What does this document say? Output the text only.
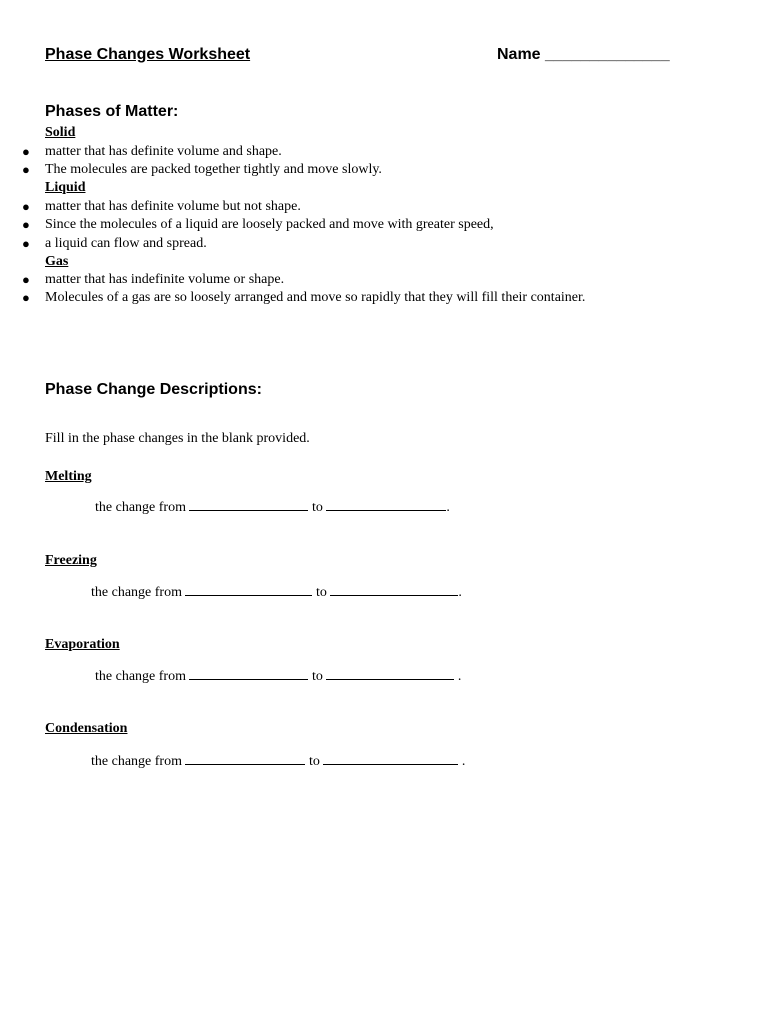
Phase Changes Worksheet	Name ______________
Phases of Matter:
Solid
● matter that has definite volume and shape.
● The molecules are packed together tightly and move slowly.
Liquid
● matter that has definite volume but not shape.
● Since the molecules of a liquid are loosely packed and move with greater speed,
● a liquid can flow and spread.
Gas
● matter that has indefinite volume or shape.
● Molecules of a gas are so loosely arranged and move so rapidly that they will fill their container.
Phase Change Descriptions:
Fill in the phase changes in the blank provided.
Melting
the change from	to	.
Freezing
the change from	to	.
Evaporation
the change from	to	.
Condensation
the change from	to	.
